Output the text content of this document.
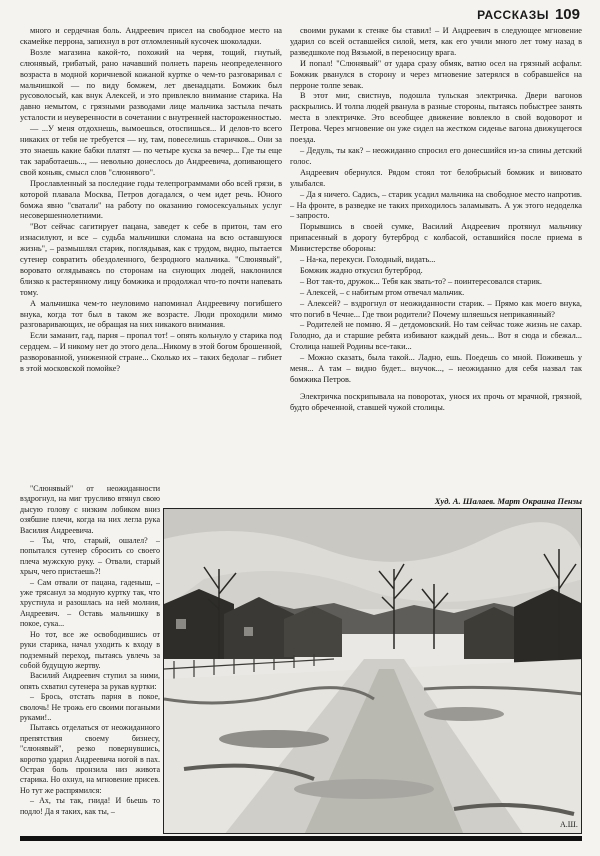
РАССКАЗЫ 109

много и сердечная боль. Андреевич присел на свободное место на скамейке перрона, запихнул в рот отломленный кусочек шоколадки.

Возле магазина какой-то, похожий на червя, тощий, гнутый, слюнявый, грибатый, рано начавший полнеть парень неопределенного возраста в модной коричневой кожаной куртке о чем-то разговаривал с мальчишкой — по виду бомжем, лет двенадцати. Бомжик был русоволосый, как внук Алексей, и это привлекло внимание старика. На давно немытом, с грязными разводами лице мальчика застыла печать усталости и неуверенности в сочетании с внутренней настороженностью.

— ...У меня отдохнешь, вымоешься, отоспишься... И делов-то всего никаких от тебя не требуется — ну, там, повеселишь старичков... Они за это знаешь какие бабки платят — по четыре куска за вечер... Где ты еще так заработаешь..., — невольно донеслось до Андреевича, допивающего свой коньяк, смысл слов "слюнявого".

Прославленный за последние годы телепрограммами обо всей грязи, в которой плавала Москва, Петров догадался, о чем идет речь. Юного бомжа явно "сватали" на работу по оказанию гомосексуальных услуг несовершеннолетними.

"Вот сейчас сагитирует пацана, заведет к себе в притон, там его изнасилуют, и все – судьба мальчишки сломана на всю оставшуюся жизнь", – размышлял старик, поглядывая, как с трудом, видно, пытается сутенер совратить обездоленного, безродного мальчика. "Слюнявый", воровато оглядываясь по сторонам на снующих людей, наклонился близко к растерянному лицу бомжика и продолжал что-то почти напевать тому.

А мальчишка чем-то неуловимо напоминал Андреевичу погибшего внука, когда тот был в таком же возрасте. Люди проходили мимо разговаривающих, не обращая на них никакого внимания.

Если заманит, гад, парня – пропал тот! – опять кольнуло у старика под сердцем. – И никому нет до этого дела...Никому в этой богом брошенной, разворованной, униженной стране... Сколько их – таких бедолаг – гибнет в этой московской помойке?

своими руками к стенке бы ставил! – И Андреевич в следующее мгновение ударил со всей оставшейся силой, метя, как его учили много лет тому назад в разведшколе под Вязьмой, в переносицу врага.

И попал! "Слюнявый" от удара сразу обмяк, ватно осел на грязный асфальт. Бомжик рванулся в сторону и через мгновение затерялся в собравшейся на перроне толпе зевак.

В этот миг, свистнув, подошла тульская электричка. Двери вагонов раскрылись. И толпа людей рванула в разные стороны, пытаясь побыстрее занять места в электричке. Это всеобщее движение вовлекло в свой водоворот и Петрова. Через мгновение он уже сидел на жестком сиденье вагона движущегося поезда.

– Дедуль, ты как? – неожиданно спросил его донесшийся из-за спины детский голос.

Андреевич обернулся. Рядом стоял тот белобрысый бомжик и виновато улыбался.

– Да я ничего. Садись, – старик усадил мальчика на свободное место напротив. – На фронте, в разведке не таких приходилось заламывать. А уж этого недоделка – запросто.

Порывшись в своей сумке, Василий Андреевич протянул мальчику припасенный в дорогу бутерброд с колбасой, оставшийся после приема в Министерстве обороны:

– На-ка, перекуси. Голодный, видать...

Бомжик жадно откусил бутерброд.

– Вот так-то, дружок... Тебя как звать-то? – поинтересовался старик.

– Алексей, – с набитым ртом отвечал мальчик.

– Алексей? – вздрогнул от неожиданности старик. – Прямо как моего внука, что погиб в Чечне... Где твои родители? Почему шляешься неприкаянный?

– Родителей не помню. Я – детдомовский. Но там сейчас тоже жизнь не сахар. Голодно, да и старшие ребята избивают каждый день... Вот я сюда и сбежал... Столица нашей Родины все-таки...

– Можно сказать, была такой... Ладно, ешь. Поедешь со мной. Поживешь у меня... А там – видно будет... внучок..., – неожиданно для себя назвал так бомжика Петров.

Электричка поскрипывала на поворотах, унося их прочь от мрачной, грязной, будто обреченной, ставшей чужой столицы.

Худ. А. Шалаев. Март Окраина Пензы

"Слюнявый" от неожиданности вздрогнул, на миг трусливо втянул свою дысую голову с низким лобиком вниз озябшие плечи, когда на них легла рука Василия Андреевича.

– Ты, что, старый, ошалел? – попытался сутенер сбросить со своего плеча мужскую руку. – Отвали, старый хрыч, чего пристаешь?!

– Сам отвали от пацана, гаденыш, – уже трясанул за модную куртку так, что хрустнула и разошлась на ней молния, Андреевич. – Оставь мальчишку в покое, сука...

Но тот, все же освободившись от руки старика, начал уходить к входу в подземный переход, пытаясь увлечь за собой будущую жертву.

Василий Андреевич ступил за ними, опять схватил сутенера за рукав куртки:

– Брось, отстать парня в покое, сволочь! Не трожь его своими погаными руками!..

Пытаясь отделаться от неожиданного препятствия своему бизнесу, "слюнявый", резко повернувшись, коротко ударил Андреевича ногой в пах. Острая боль пронзила низ живота старика. Но охнул, на мгновение присев. Но тут же распрямился:

– Ах, ты так, гнида! И бьешь то подло! Да я таких, как ты, –

А.Ш.
